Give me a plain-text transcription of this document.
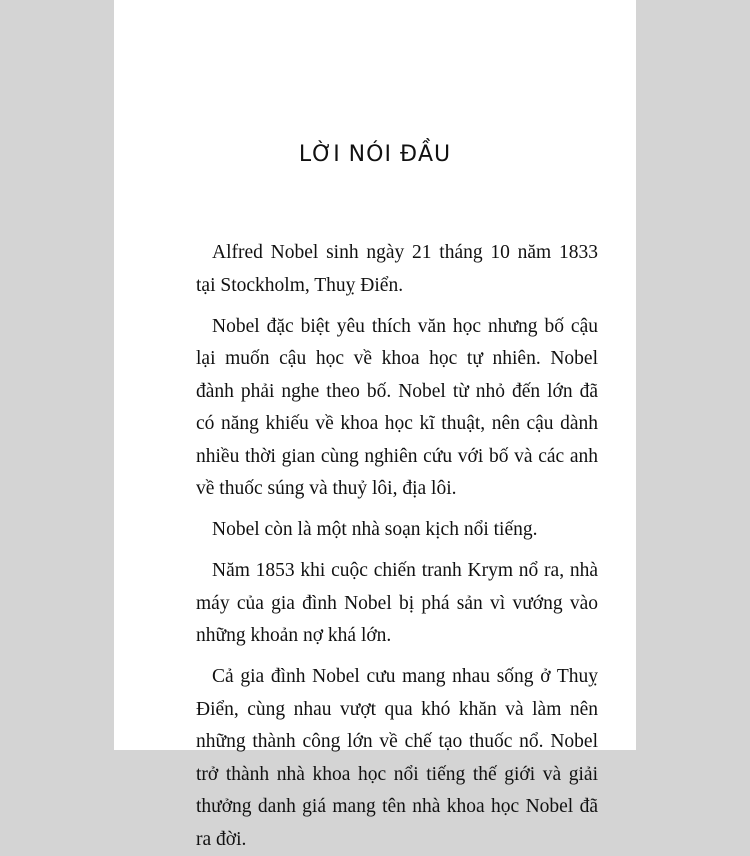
LỜI NÓI ĐẦU

Alfred Nobel sinh ngày 21 tháng 10 năm 1833 tại Stockholm, Thuỵ Điển.

Nobel đặc biệt yêu thích văn học nhưng bố cậu lại muốn cậu học về khoa học tự nhiên. Nobel đành phải nghe theo bố. Nobel từ nhỏ đến lớn đã có năng khiếu về khoa học kĩ thuật, nên cậu dành nhiều thời gian cùng nghiên cứu với bố và các anh về thuốc súng và thuỷ lôi, địa lôi.

Nobel còn là một nhà soạn kịch nổi tiếng.

Năm 1853 khi cuộc chiến tranh Krym nổ ra, nhà máy của gia đình Nobel bị phá sản vì vướng vào những khoản nợ khá lớn.

Cả gia đình Nobel cưu mang nhau sống ở Thuỵ Điển, cùng nhau vượt qua khó khăn và làm nên những thành công lớn về chế tạo thuốc nổ. Nobel trở thành nhà khoa học nổi tiếng thế giới và giải thưởng danh giá mang tên nhà khoa học Nobel đã ra đời.
